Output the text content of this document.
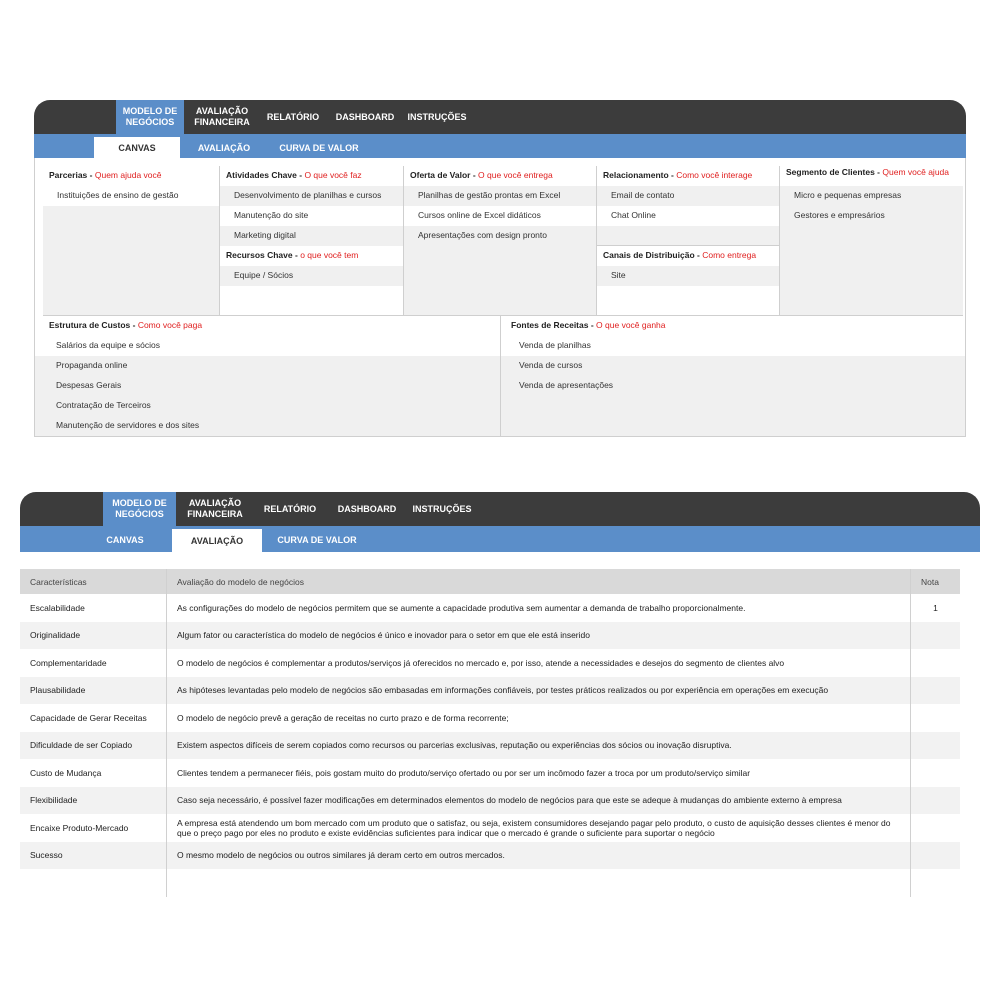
MODELO DE NEGÓCIOS
AVALIAÇÃO FINANCEIRA
RELATÓRIO	DASHBOARD	INSTRUÇÕES
CANVAS	AVALIAÇÃO	CURVA DE VALOR
Parcerias - Quem ajuda você
Instituições de ensino de gestão
Atividades Chave - O que você faz
Desenvolvimento de planilhas e cursos
Manutenção do site
Marketing digital
Recursos Chave - o que você tem
Equipe / Sócios
Oferta de Valor - O que você entrega
Planilhas de gestão prontas em Excel
Cursos online de Excel didáticos
Apresentações com design pronto
Relacionamento - Como você interage
Email de contato
Chat Online
Canais de Distribuição - Como entrega
Site
Segmento de Clientes - Quem você ajuda
Micro e pequenas empresas
Gestores e empresários
Estrutura de Custos - Como você paga
Salários da equipe e sócios
Propaganda online
Despesas Gerais
Contratação de Terceiros
Manutenção de servidores e dos sites
Fontes de Receitas - O que você ganha
Venda de planilhas
Venda de cursos
Venda de apresentações
MODELO DE NEGÓCIOS
AVALIAÇÃO FINANCEIRA
RELATÓRIO	DASHBOARD	INSTRUÇÕES
CANVAS	AVALIAÇÃO	CURVA DE VALOR
Características	Avaliação do modelo de negócios	Nota
Escalabilidade	As configurações do modelo de negócios permitem que se aumente a capacidade produtiva sem aumentar a demanda de trabalho proporcionalmente.	1
Originalidade	Algum fator ou característica do modelo de negócios é único e inovador para o setor em que ele está inserido
Complementaridade	O modelo de negócios é complementar a produtos/serviços já oferecidos no mercado e, por isso, atende a necessidades e desejos do segmento de clientes alvo
Plausabilidade	As hipóteses levantadas pelo modelo de negócios são embasadas em informações confiáveis, por testes práticos realizados ou por experiência em operações em execução
Capacidade de Gerar Receitas	O modelo de negócio prevê a geração de receitas no curto prazo e de forma recorrente;
Dificuldade de ser Copiado	Existem aspectos difíceis de serem copiados como recursos ou parcerias exclusivas, reputação ou experiências dos sócios ou inovação disruptiva.
Custo de Mudança	Clientes tendem a permanecer fiéis, pois gostam muito do produto/serviço ofertado ou por ser um incômodo fazer a troca por um produto/serviço similar
Flexibilidade	Caso seja necessário, é possível fazer modificações em determinados elementos do modelo de negócios para que este se adeque à mudanças do ambiente externo à empresa
Encaixe Produto-Mercado	A empresa está atendendo um bom mercado com um produto que o satisfaz, ou seja, existem consumidores desejando pagar pelo produto, o custo de aquisição desses clientes é menor do que o preço pago por eles no produto e existe evidências suficientes para indicar que o mercado é grande o suficiente para suportar o negócio
Sucesso	O mesmo modelo de negócios ou outros similares já deram certo em outros mercados.
